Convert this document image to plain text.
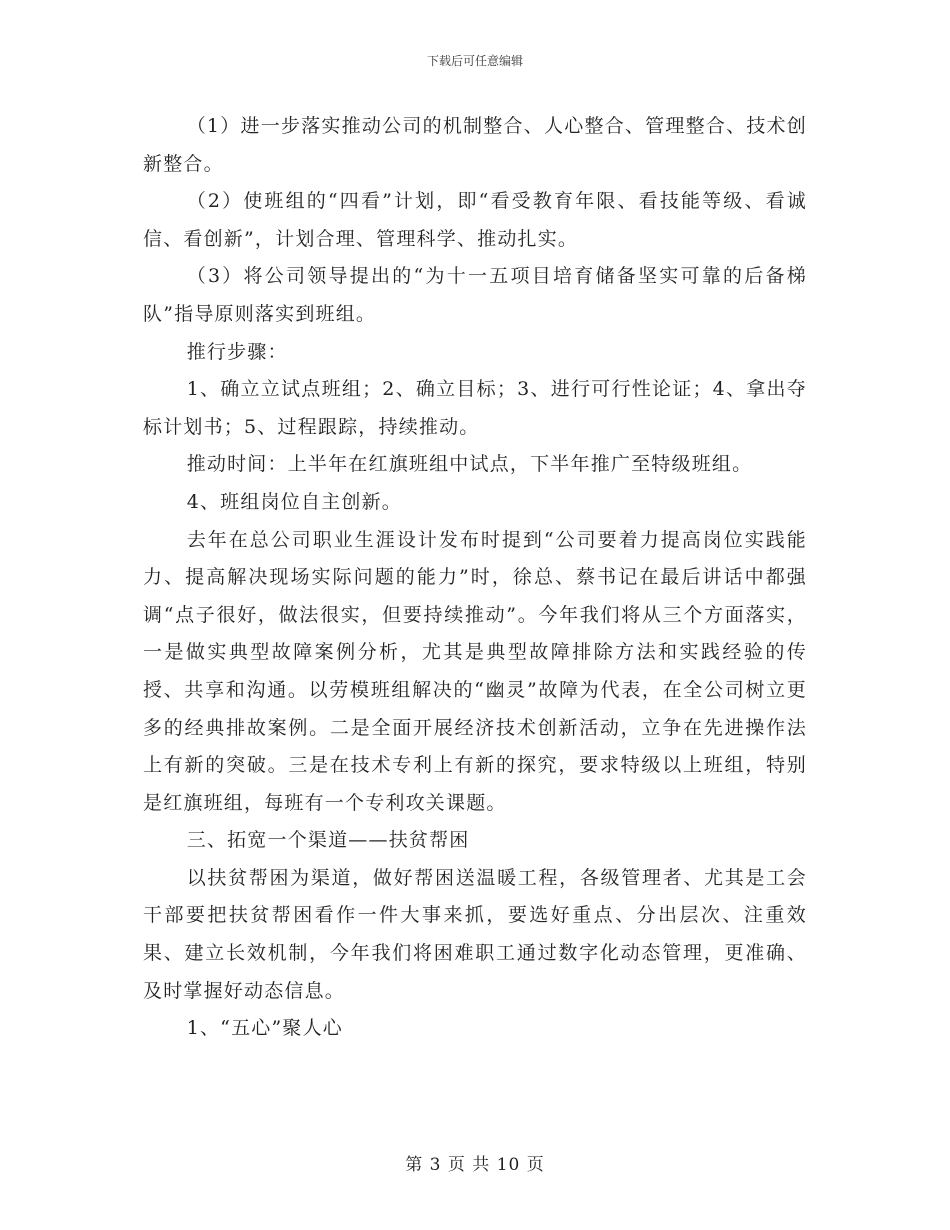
下载后可任意编辑

（1）进一步落实推动公司的机制整合、人心整合、管理整合、技术创新整合。

（2）使班组的“四看”计划，即“看受教育年限、看技能等级、看诚信、看创新”，计划合理、管理科学、推动扎实。

（3）将公司领导提出的“为十一五项目培育储备坚实可靠的后备梯队”指导原则落实到班组。

推行步骤：

1、确立立试点班组；2、确立目标；3、进行可行性论证；4、拿出夺标计划书；5、过程跟踪，持续推动。

推动时间：上半年在红旗班组中试点，下半年推广至特级班组。

4、班组岗位自主创新。

去年在总公司职业生涯设计发布时提到“公司要着力提高岗位实践能力、提高解决现场实际问题的能力”时，徐总、蔡书记在最后讲话中都强调“点子很好，做法很实，但要持续推动”。今年我们将从三个方面落实，一是做实典型故障案例分析，尤其是典型故障排除方法和实践经验的传授、共享和沟通。以劳模班组解决的“幽灵”故障为代表，在全公司树立更多的经典排故案例。二是全面开展经济技术创新活动，立争在先进操作法上有新的突破。三是在技术专利上有新的探究，要求特级以上班组，特别是红旗班组，每班有一个专利攻关课题。

三、拓宽一个渠道——扶贫帮困

以扶贫帮困为渠道，做好帮困送温暖工程，各级管理者、尤其是工会干部要把扶贫帮困看作一件大事来抓，要选好重点、分出层次、注重效果、建立长效机制，今年我们将困难职工通过数字化动态管理，更准确、及时掌握好动态信息。

1、“五心”聚人心

第 3 页 共 10 页
